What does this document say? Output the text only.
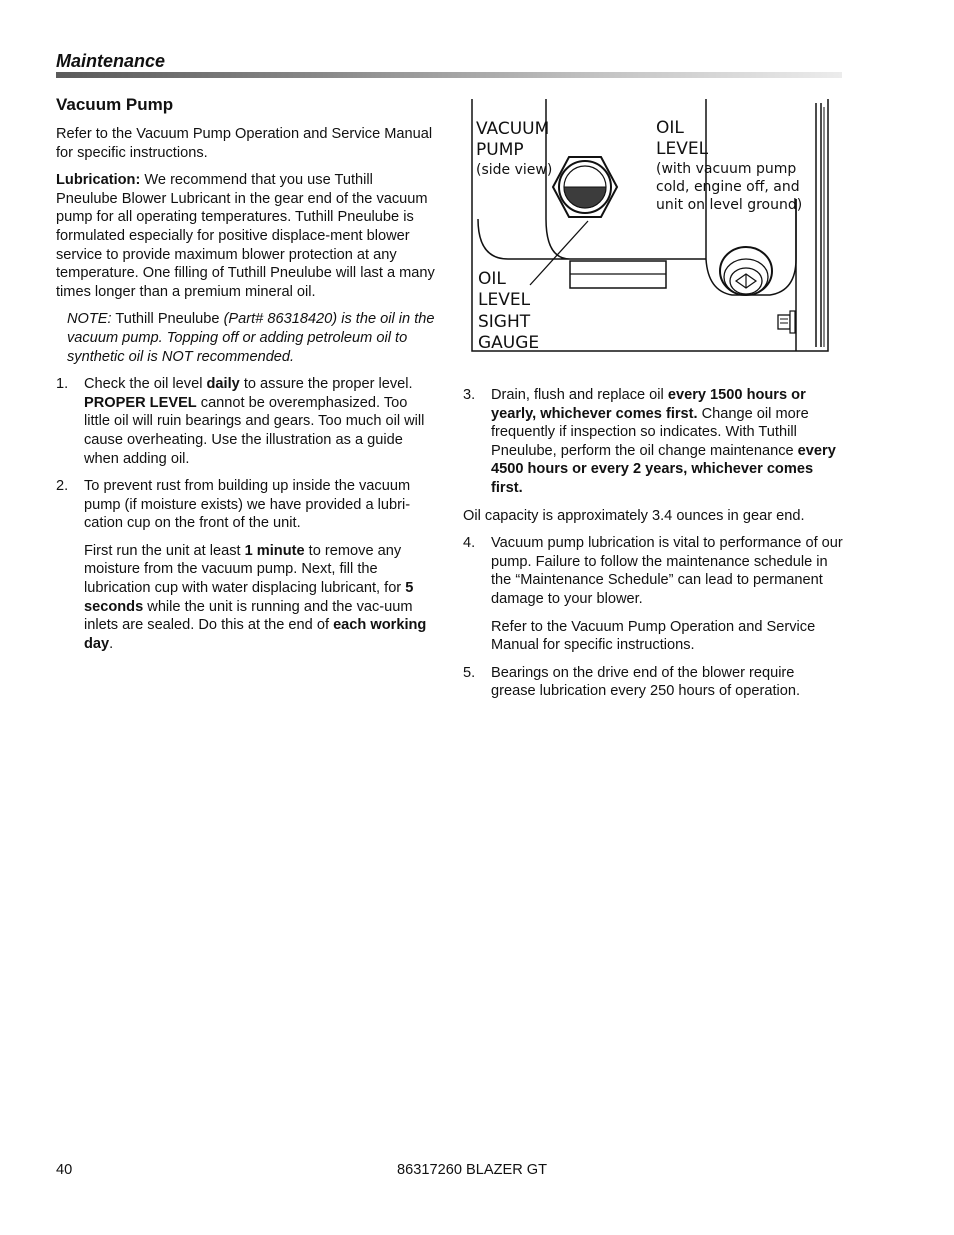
Maintenance
Vacuum Pump

Refer to the Vacuum Pump Operation and Service Manual for specific instructions.

Lubrication: We recommend that you use Tuthill Pneulube Blower Lubricant in the gear end of the vacuum pump for all operating temperatures. Tuthill Pneulube is formulated especially for positive displace-ment blower service to provide maximum blower protection at any temperature. One filling of Tuthill Pneulube will last a many times longer than a premium mineral oil.

NOTE: Tuthill Pneulube (Part# 86318420) is the oil in the vacuum pump. Topping off or adding petroleum oil to synthetic oil is NOT recommended.

1. Check the oil level daily to assure the proper level. PROPER LEVEL cannot be overemphasized. Too little oil will ruin bearings and gears. Too much oil will cause overheating. Use the illustration as a guide when adding oil.

2. To prevent rust from building up inside the vacuum pump (if moisture exists) we have provided a lubri-cation cup on the front of the unit.

First run the unit at least 1 minute to remove any moisture from the vacuum pump. Next, fill the lubrication cup with water displacing lubricant, for 5 seconds while the unit is running and the vac-uum inlets are sealed. Do this at the end of each working day.

VACUUM
PUMP
(side view)
OIL
LEVEL
(with vacuum pump
cold, engine off, and
unit on level ground)
OIL
LEVEL
SIGHT
GAUGE
3. Drain, flush and replace oil every 1500 hours or yearly, whichever comes first. Change oil more frequently if inspection so indicates. With Tuthill Pneulube, perform the oil change maintenance every 4500 hours or every 2 years, whichever comes first.

Oil capacity is approximately 3.4 ounces in gear end.

4. Vacuum pump lubrication is vital to performance of our pump. Failure to follow the maintenance schedule in the “Maintenance Schedule” can lead to permanent damage to your blower.

Refer to the Vacuum Pump Operation and Service Manual for specific instructions.

5. Bearings on the drive end of the blower require grease lubrication every 250 hours of operation.

40	86317260 BLAZER GT
